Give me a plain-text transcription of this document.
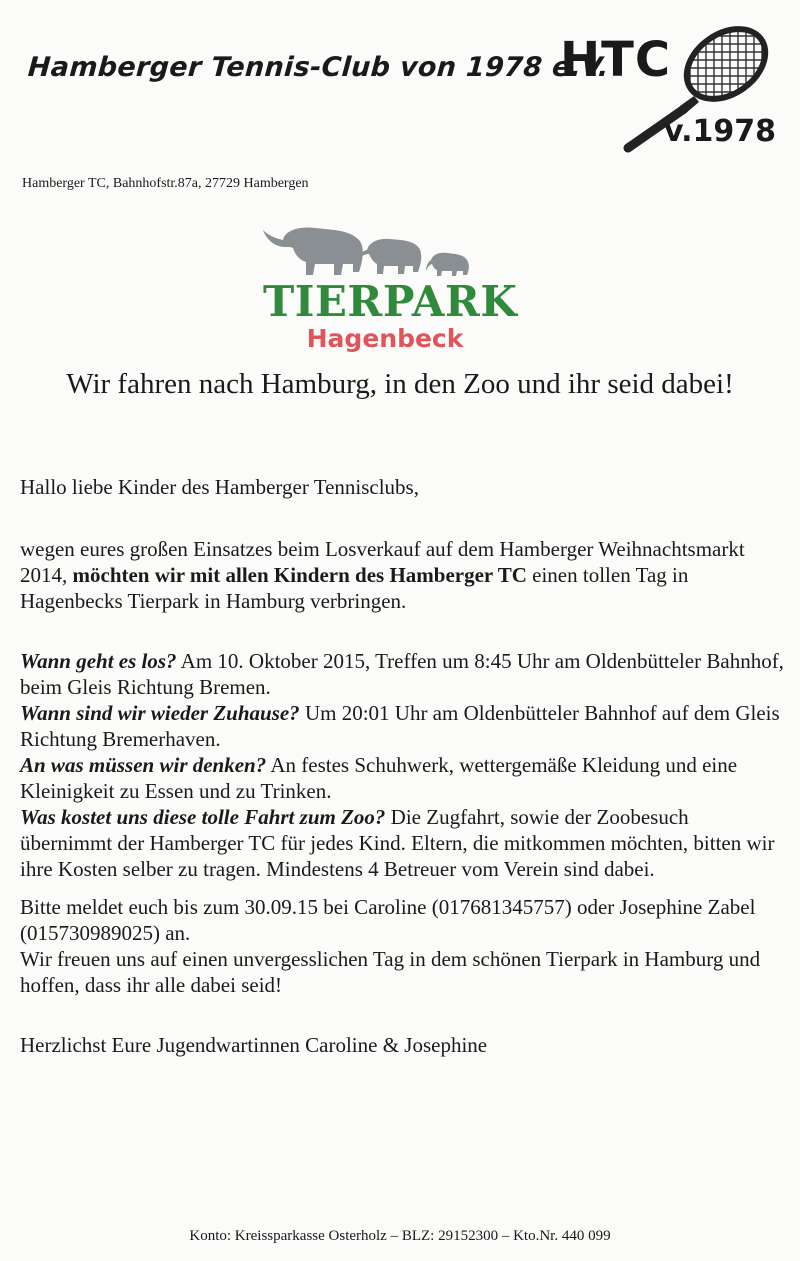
Hamberger Tennis-Club von 1978 e.V.
HTC
v.1978
Hamberger TC, Bahnhofstr.87a, 27729 Hambergen
TIERPARK
Hagenbeck
Wir fahren nach Hamburg, in den Zoo und ihr seid dabei!

Hallo liebe Kinder des Hamberger Tennisclubs,

wegen eures großen Einsatzes beim Losverkauf auf dem Hamberger Weihnachtsmarkt 2014, möchten wir mit allen Kindern des Hamberger TC einen tollen Tag in Hagenbecks Tierpark in Hamburg verbringen.

Wann geht es los? Am 10. Oktober 2015, Treffen um 8:45 Uhr am Oldenbütteler Bahnhof, beim Gleis Richtung Bremen.

Wann sind wir wieder Zuhause? Um 20:01 Uhr am Oldenbütteler Bahnhof auf dem Gleis Richtung Bremerhaven.

An was müssen wir denken? An festes Schuhwerk, wettergemäße Kleidung und eine Kleinigkeit zu Essen und zu Trinken.

Was kostet uns diese tolle Fahrt zum Zoo? Die Zugfahrt, sowie der Zoobesuch übernimmt der Hamberger TC für jedes Kind. Eltern, die mitkommen möchten, bitten wir ihre Kosten selber zu tragen. Mindestens 4 Betreuer vom Verein sind dabei.

Bitte meldet euch bis zum 30.09.15 bei Caroline (017681345757) oder Josephine Zabel (015730989025) an.

Wir freuen uns auf einen unvergesslichen Tag in dem schönen Tierpark in Hamburg und hoffen, dass ihr alle dabei seid!

Herzlichst Eure Jugendwartinnen Caroline & Josephine

Konto: Kreissparkasse Osterholz – BLZ: 29152300 – Kto.Nr. 440 099
